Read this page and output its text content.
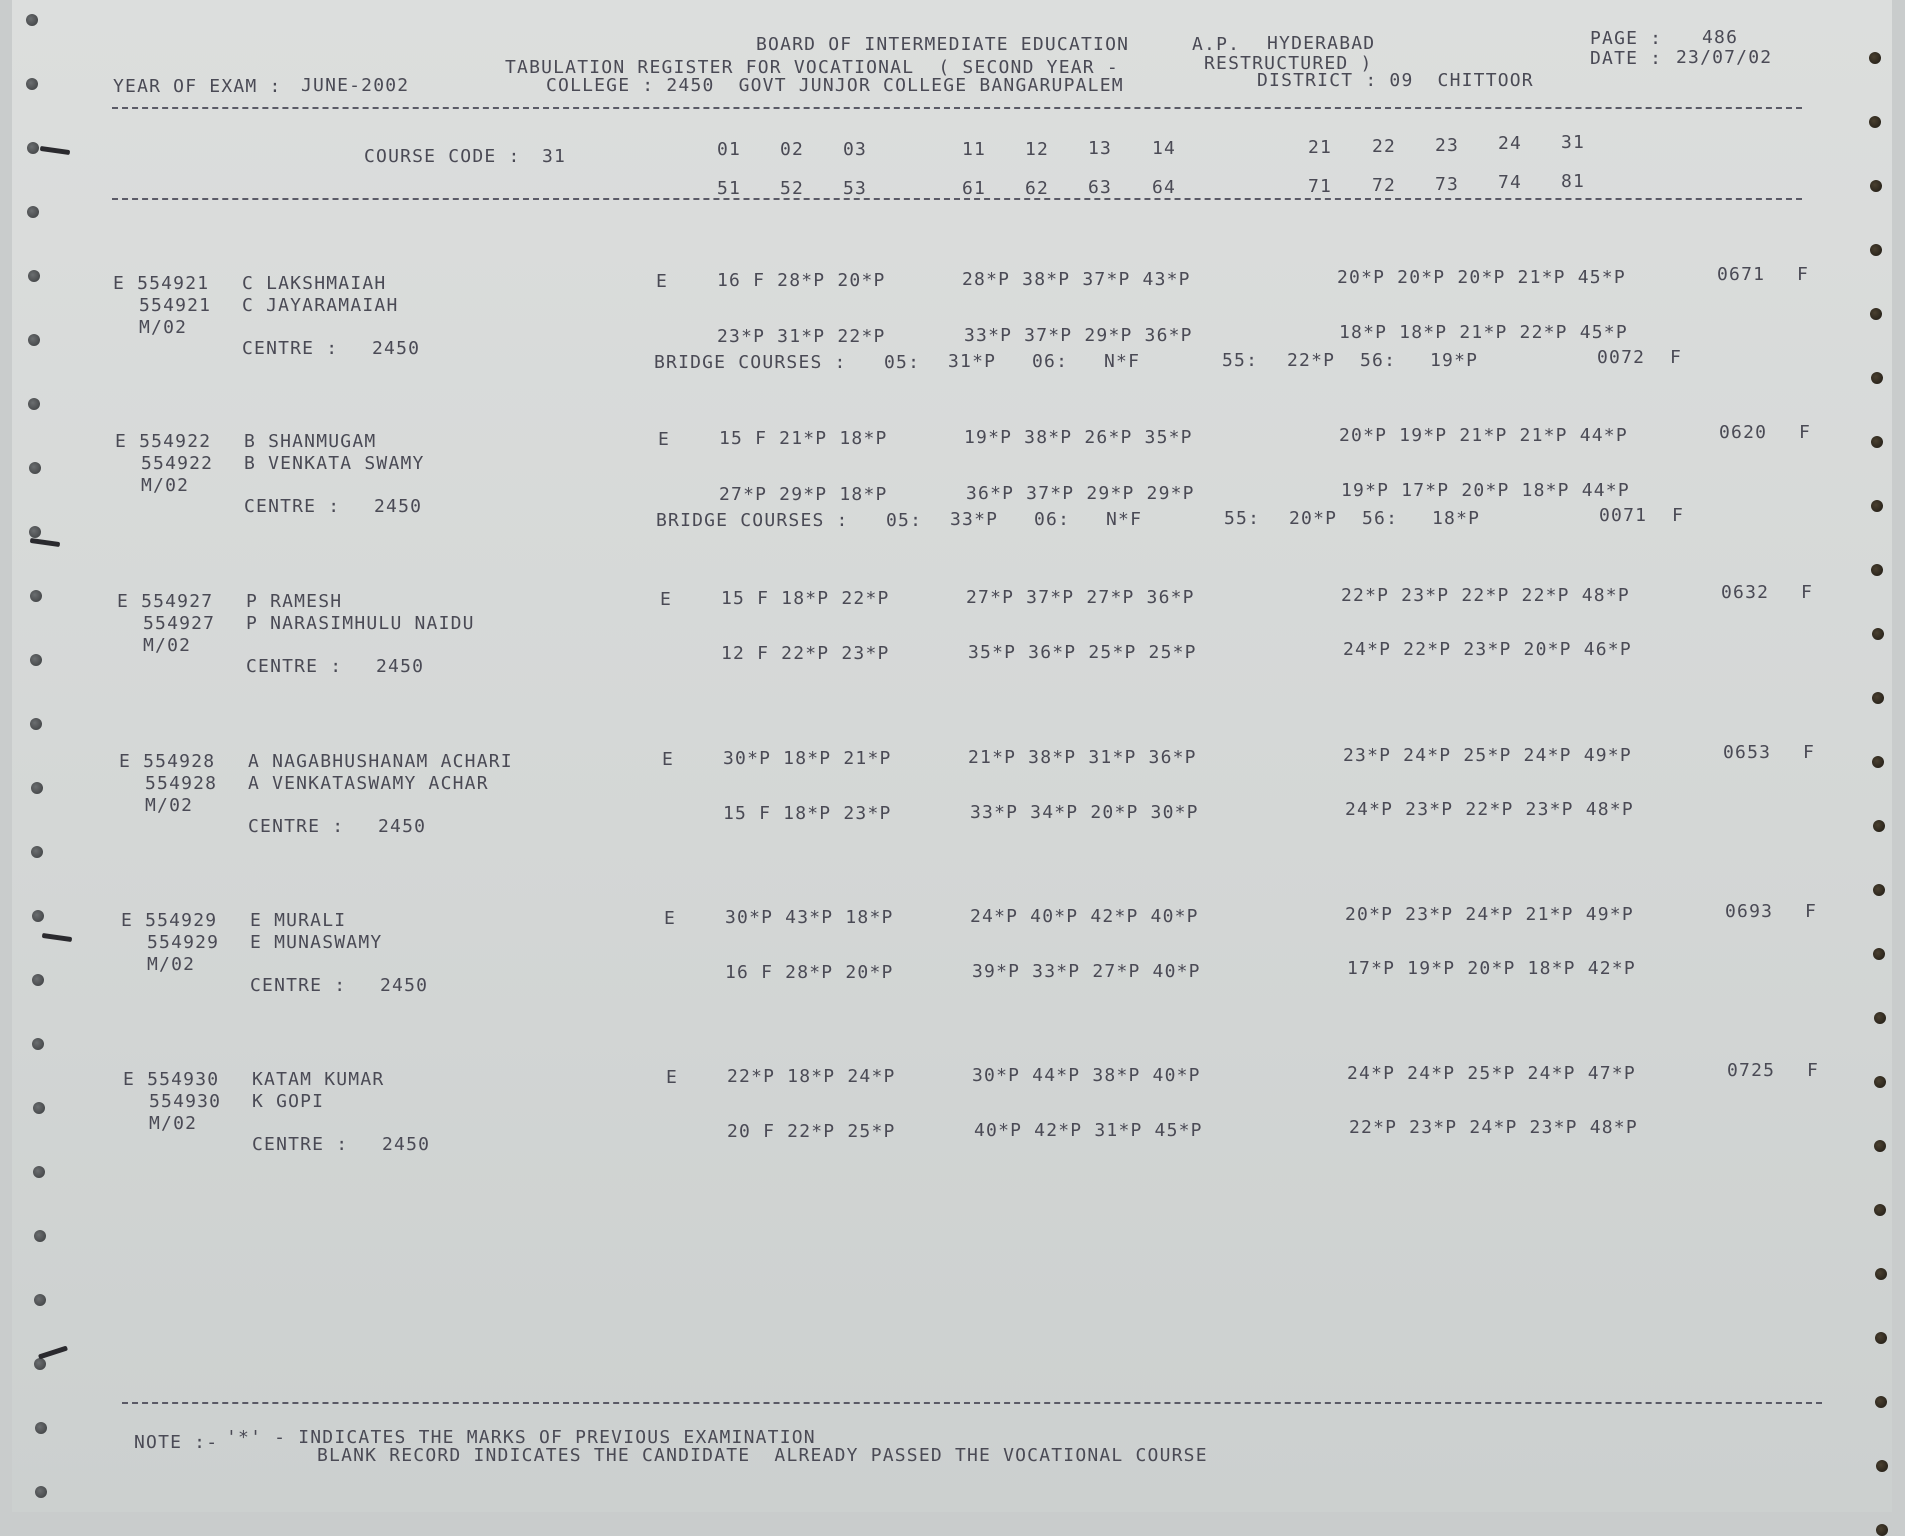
BOARD OF INTERMEDIATE EDUCATION	A.P. HYDERABAD	PAGE : 486
TABULATION REGISTER FOR VOCATIONAL  ( SECOND YEAR -	RESTRUCTURED )	DATE : 23/07/02
YEAR OF EXAM : JUNE-2002	COLLEGE : 2450  GOVT JUNJOR COLLEGE BANGARUPALEM	DISTRICT : 09  CHITTOOR
COURSE CODE : 31	01 02 03	11 12 13 14	21 22 23 24 31
51 52 53	61 62 63 64	71 72 73 74 81
E 554921 C LAKSHMAIAH
554921 C JAYARAMAIAH
M/02
CENTRE : 2450
E	16 F 28*P 20*P	28*P 38*P 37*P 43*P	20*P 20*P 20*P 21*P 45*P	0671 F
23*P 31*P 22*P	33*P 37*P 29*P 36*P	18*P 18*P 21*P 22*P 45*P
BRIDGE COURSES : 05: 31*P 06: N*F	55: 22*P 56: 19*P	0072 F
E 554922 B SHANMUGAM
554922 B VENKATA SWAMY
M/02
CENTRE : 2450
E	15 F 21*P 18*P	19*P 38*P 26*P 35*P	20*P 19*P 21*P 21*P 44*P	0620 F
27*P 29*P 18*P	36*P 37*P 29*P 29*P	19*P 17*P 20*P 18*P 44*P
BRIDGE COURSES : 05: 33*P 06: N*F	55: 20*P 56: 18*P	0071 F
E 554927 P RAMESH
554927 P NARASIMHULU NAIDU
M/02
CENTRE : 2450
E	15 F 18*P 22*P	27*P 37*P 27*P 36*P	22*P 23*P 22*P 22*P 48*P	0632 F
12 F 22*P 23*P	35*P 36*P 25*P 25*P	24*P 22*P 23*P 20*P 46*P
E 554928 A NAGABHUSHANAM ACHARI
554928 A VENKATASWAMY ACHAR
M/02
CENTRE : 2450
E	30*P 18*P 21*P	21*P 38*P 31*P 36*P	23*P 24*P 25*P 24*P 49*P	0653 F
15 F 18*P 23*P	33*P 34*P 20*P 30*P	24*P 23*P 22*P 23*P 48*P
E 554929 E MURALI
554929 E MUNASWAMY
M/02
CENTRE : 2450
E	30*P 43*P 18*P	24*P 40*P 42*P 40*P	20*P 23*P 24*P 21*P 49*P	0693 F
16 F 28*P 20*P	39*P 33*P 27*P 40*P	17*P 19*P 20*P 18*P 42*P
E 554930 KATAM KUMAR
554930 K GOPI
M/02
CENTRE : 2450
E	22*P 18*P 24*P	30*P 44*P 38*P 40*P	24*P 24*P 25*P 24*P 47*P	0725 F
20 F 22*P 25*P	40*P 42*P 31*P 45*P	22*P 23*P 24*P 23*P 48*P
NOTE :- '*' - INDICATES THE MARKS OF PREVIOUS EXAMINATION
BLANK RECORD INDICATES THE CANDIDATE  ALREADY PASSED THE VOCATIONAL COURSE
